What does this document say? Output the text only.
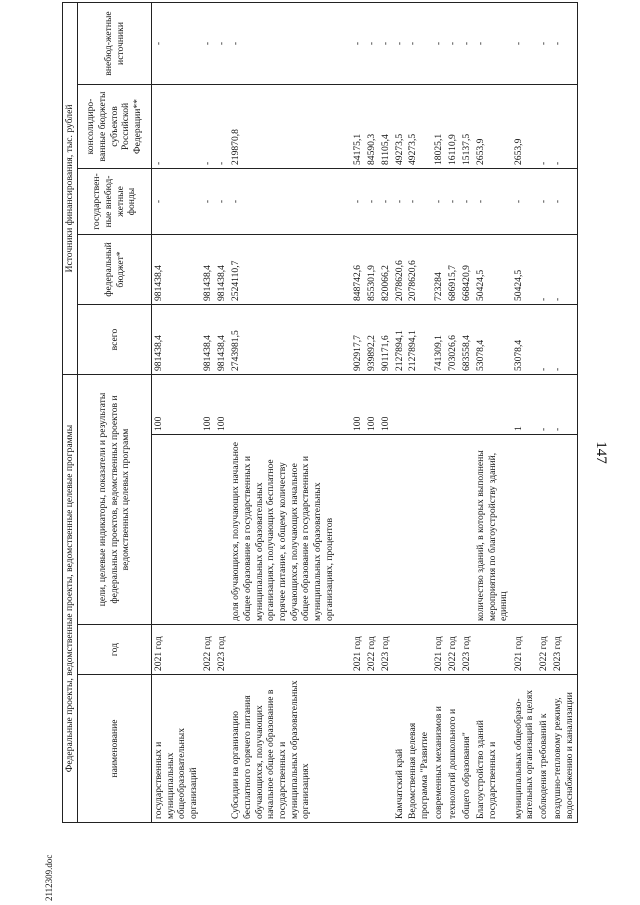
2112309.doc
147
Федеральные проекты, ведомственные проекты, ведомственные целевые программы				Источники финансирования, тыс. рублей				
наименование	год	цели, целевые индикаторы, показатели и результаты федеральных проектов, ведомственных проектов и ведомственных целевых программ		всего	федеральный бюджет*	государствен-ные внебюд-жетные фонды	консолидиро-ванные бюджеты субъектов Российской Федерации**	внебюд-жетные источники
государственных и муниципальных общеобразовательных организаций	2021 год		100	981438,4	981438,4	-	-	-
	2022 год		100	981438,4	981438,4	-	-	-
	2023 год		100	981438,4	981438,4	-	-	-
Субсидии на организацию бесплатного горячего питания обучающихся, получающих начальное общее образование в государственных и муниципальных образовательных организациях		доля обучающихся, получающих начальное общее образование в государственных и муниципальных образовательных организациях, получающих бесплатное горячее питание, к общему количеству обучающихся, получающих начальное общее образование в государственных и муниципальных образовательных организациях, процентов		2743981,5	2524110,7	-	219870,8	-
	2021 год		100	902917,7	848742,6	-	54175,1	-
	2022 год		100	939892,2	855301,9	-	84590,3	-
	2023 год		100	901171,6	820066,2	-	81105,4	-
Камчатский край				2127894,1	2078620,6	-	49273,5	-
Ведомственная целевая программа "Развитие				2127894,1	2078620,6	-	49273,5	-
современных механизмов и	2021 год			741309,1	723284	-	18025,1	-
технологий дошкольного и	2022 год			703026,6	686915,7	-	16110,9	-
общего образования"	2023 год			683558,4	668420,9	-	15137,5	-
Благоустройство зданий государственных и		количество зданий, в которых выполнены мероприятия по благоустройству зданий, единиц		53078,4	50424,5	-	2653,9	-
муниципальных общеобразо-вательных организаций в целях	2021 год		1	53078,4	50424,5	-	2653,9	-
соблюдения требований к	2022 год		-	-	-	-	-	-
воздушно-тепловому режиму, водоснабжению и канализации	2023 год		-	-	-	-	-	-
